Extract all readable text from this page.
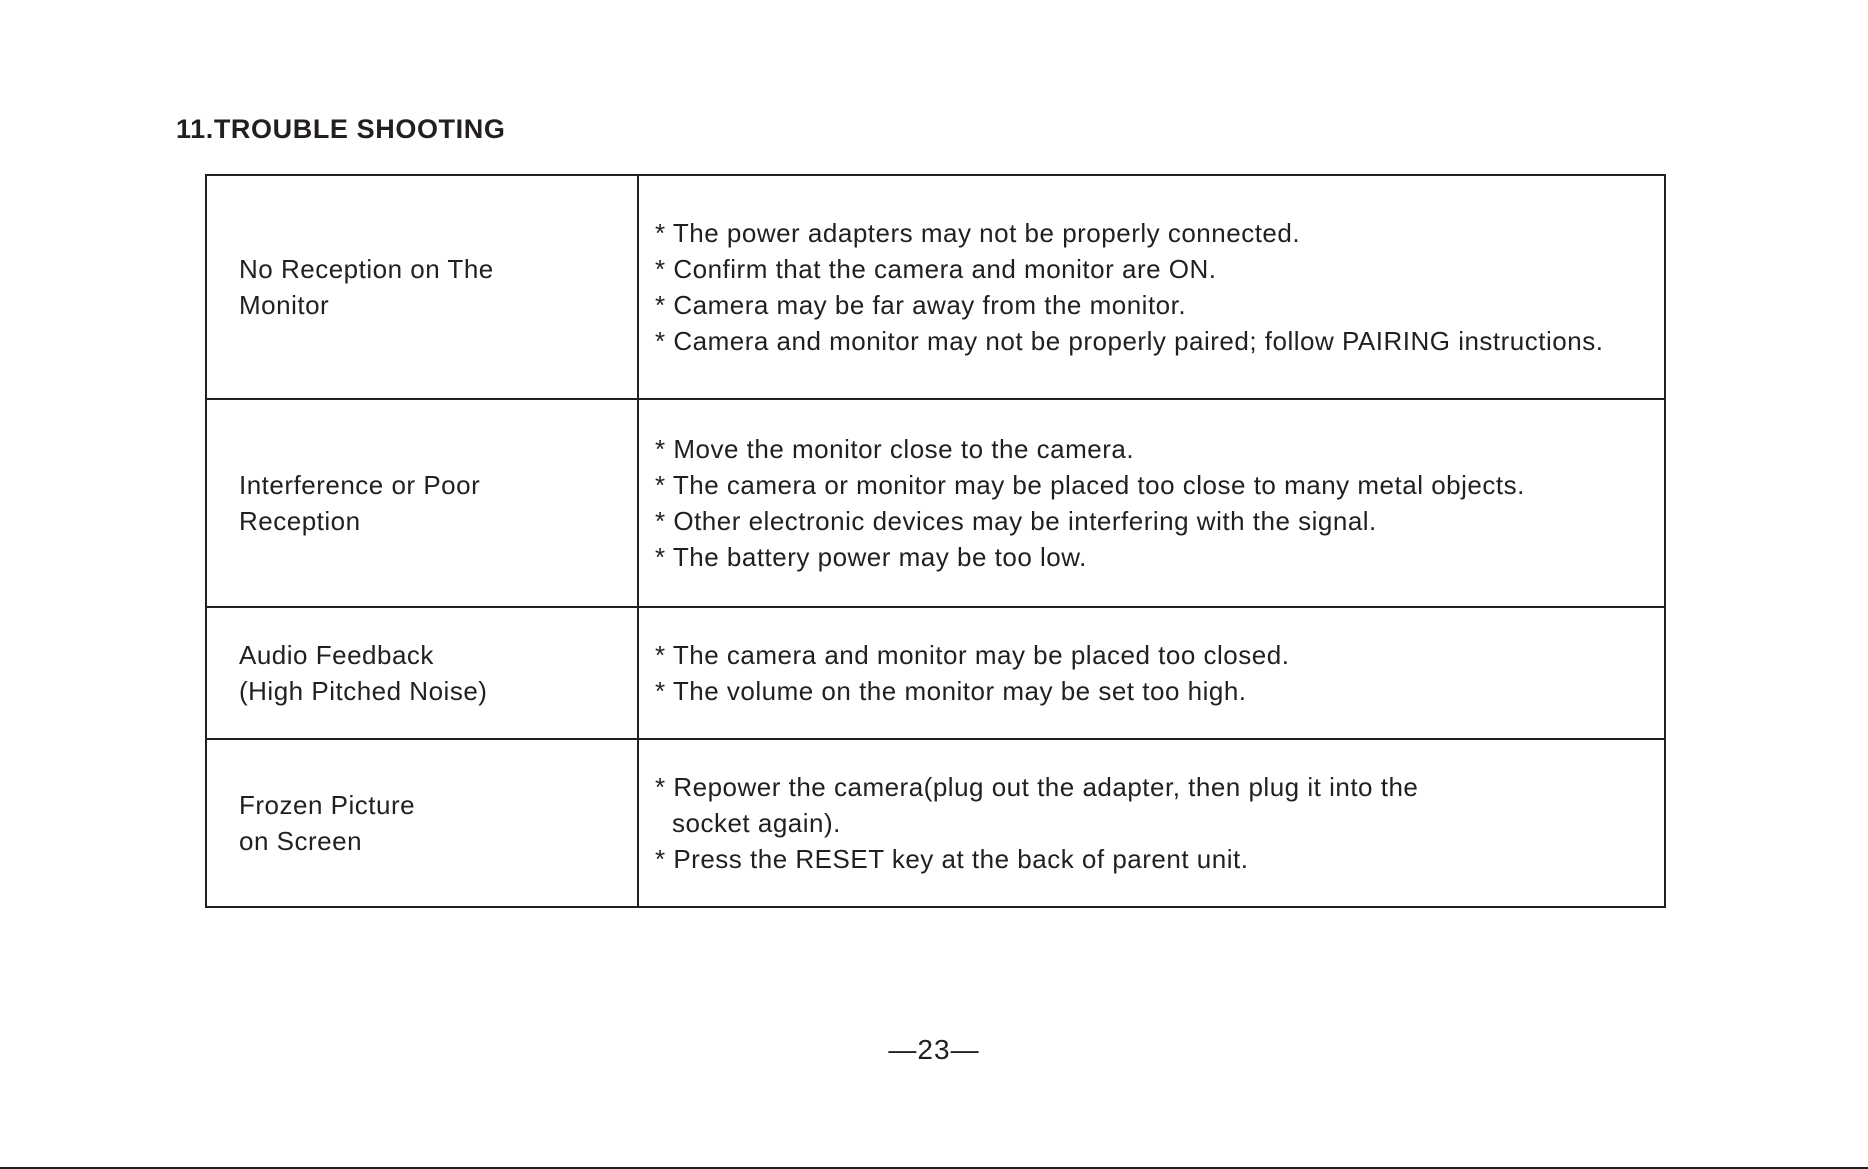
11.TROUBLE SHOOTING
No Reception on The
Monitor	* The power adapters may not be properly connected.
* Confirm that the camera and monitor are ON.
* Camera may be far away from the monitor.
* Camera and monitor may not be properly paired; follow PAIRING instructions.

Interference or Poor
Reception	* Move the monitor close to the camera.
* The camera or monitor may be placed too close to many metal objects.
* Other electronic devices may be interfering with the signal.
* The battery power may be too low.

Audio Feedback
(High Pitched Noise)	* The camera and monitor may be placed too closed.
* The volume on the monitor may be set too high.

Frozen Picture
on Screen	* Repower the camera(plug out the adapter, then plug it into the
socket again).
* Press the RESET key at the back of parent unit.
—23—
